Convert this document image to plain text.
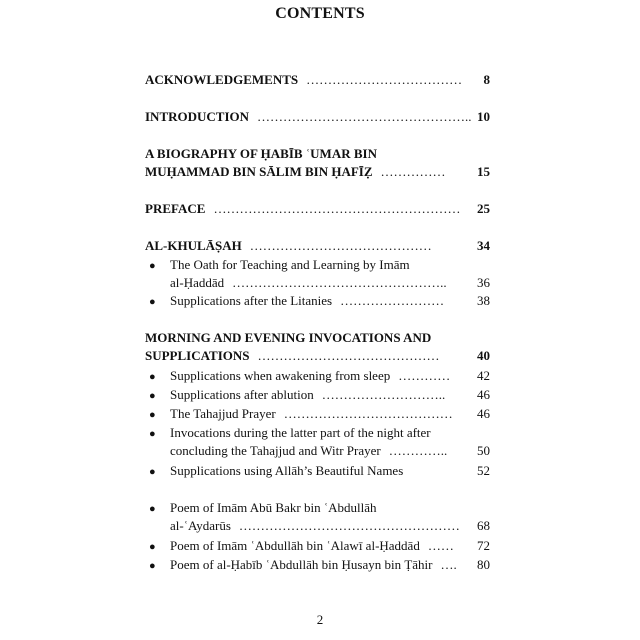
CONTENTS
ACKNOWLEDGEMENTS ……………………………… 8
INTRODUCTION ………………………………………….. 10
A BIOGRAPHY OF ḤABĪB ʿUMAR BIN
MUḤAMMAD BIN SĀLIM BIN ḤAFĪẒ …………… 15
PREFACE ………………………………………………… 25
AL-KHULĀṢAH ……………………………………	34
● The Oath for Teaching and Learning by Imām
al-Ḥaddād ………………………………………….. 36
● Supplications after the Litanies ……………………	38
MORNING AND EVENING INVOCATIONS AND
SUPPLICATIONS ……………………………………	40
● Supplications when awakening from sleep ………… 42
● Supplications after ablution ……………………….. 46
● The Tahajjud Prayer ………………………………… 46
● Invocations during the latter part of the night after
concluding the Tahajjud and Witr Prayer ………….. 50
● Supplications using Allāh’s Beautiful Names	52
● Poem of Imām Abū Bakr bin ʿAbdullāh
al-ʿAydarūs …………………………………………… 68
● Poem of Imām ʿAbdullāh bin ʿAlawī al-Ḥaddād …… 72
● Poem of al-Ḥabīb ʿAbdullāh bin Ḥusayn bin Ṭāhir …. 80
2
